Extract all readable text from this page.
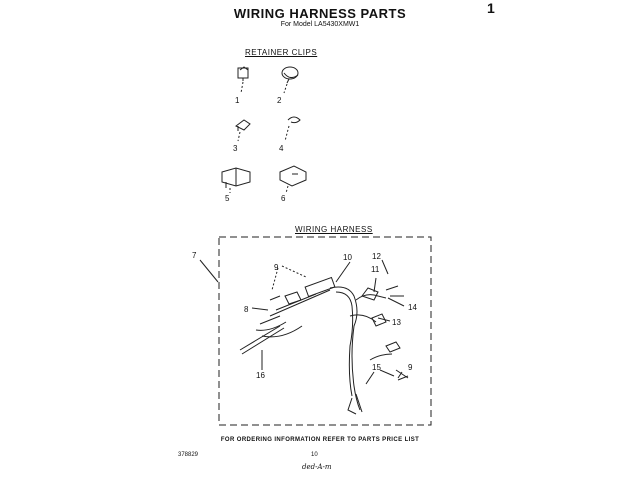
WIRING HARNESS PARTS
For Model LA5430XMW1
1
RETAINER CLIPS
WIRING HARNESS
1	2
3	4
5	6
7
8
9
10
11
12
13
14
15
16
9
FOR ORDERING INFORMATION REFER TO PARTS PRICE LIST
378829	10
ded-A-m
